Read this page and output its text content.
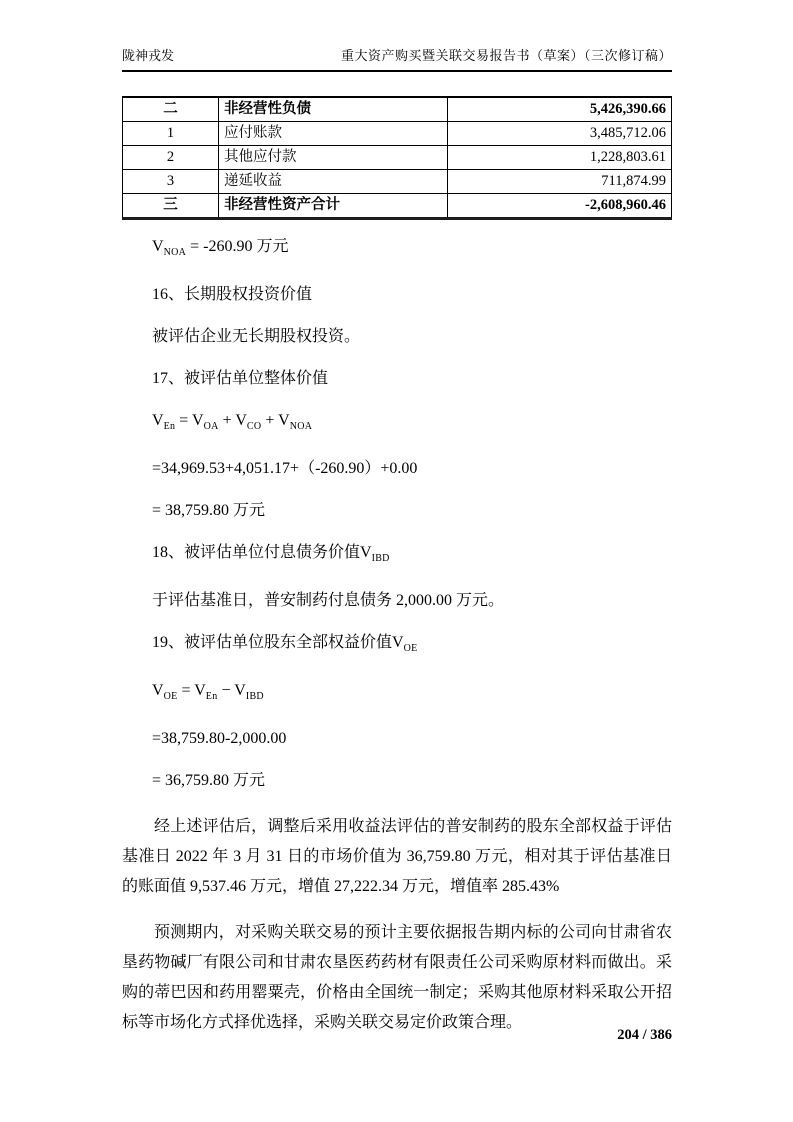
陇神戎发	重大资产购买暨关联交易报告书（草案）（三次修订稿）
二	非经营性负债	5,426,390.66
1	应付账款	3,485,712.06
2	其他应付款	1,228,803.61
3	递延收益	711,874.99
三	非经营性资产合计	-2,608,960.46

$V_{NOA} = -260.90$ 万元

16、长期股权投资价值

被评估企业无长期股权投资。

17、被评估单位整体价值

$V_{En} = V_{OA} + V_{CO} + V_{NOA}$

=34,969.53+4,051.17+（-260.90）+0.00

= 38,759.80 万元

18、被评估单位付息债务价值$V_{IBD}$

于评估基准日，普安制药付息债务 2,000.00 万元。

19、被评估单位股东全部权益价值$V_{OE}$

$V_{OE} = V_{En} - V_{IBD}$

=38,759.80-2,000.00

= 36,759.80 万元

经上述评估后，调整后采用收益法评估的普安制药的股东全部权益于评估基准日 2022 年 3 月 31 日的市场价值为 36,759.80 万元，相对其于评估基准日的账面值 9,537.46 万元，增值 27,222.34 万元，增值率 285.43%

预测期内，对采购关联交易的预计主要依据报告期内标的公司向甘肃省农垦药物碱厂有限公司和甘肃农垦医药药材有限责任公司采购原材料而做出。采购的蒂巴因和药用罂粟壳，价格由全国统一制定；采购其他原材料采取公开招标等市场化方式择优选择，采购关联交易定价政策合理。

204 / 386
